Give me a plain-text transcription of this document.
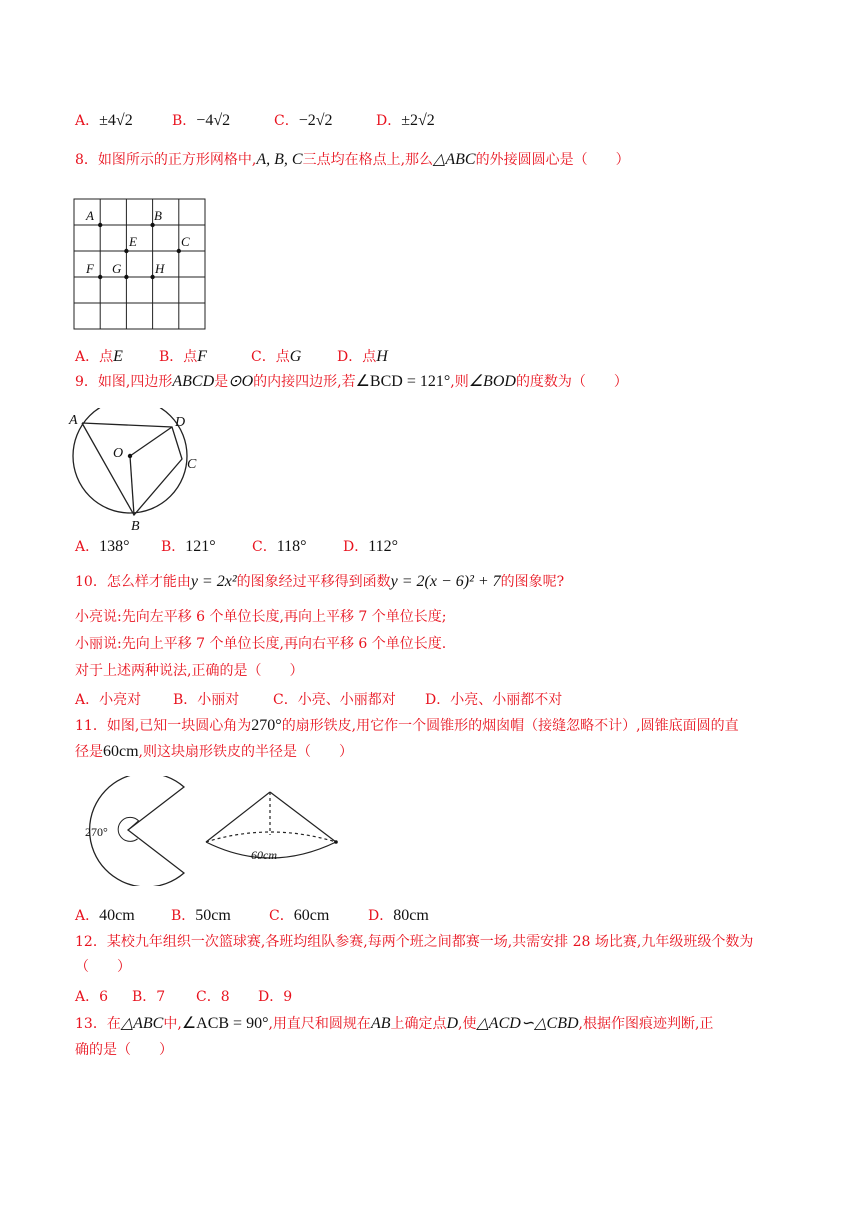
A．±4√2	B．−4√2	C．−2√2	D．±2√2
8．如图所示的正方形网格中,A, B, C三点均在格点上,那么△ABC的外接圆圆心是（　　）
A	B
E	C
F G	H
A．点E	B．点F	C．点G	D．点H
9．如图,四边形ABCD是⊙O的内接四边形,若∠BCD = 121°,则∠BOD的度数为（　　）
A	D
O
C
B
A．138° B．121°	C．118°	D．112°
10．怎么样才能由y = 2x²的图象经过平移得到函数y = 2(x − 6)² + 7的图象呢?
小亮说:先向左平移 6 个单位长度,再向上平移 7 个单位长度;
小丽说:先向上平移 7 个单位长度,再向右平移 6 个单位长度.
对于上述两种说法,正确的是（　　）
A．小亮对 B．小丽对 C．小亮、小丽都对 D．小亮、小丽都不对
11．如图,已知一块圆心角为270°的扇形铁皮,用它作一个圆锥形的烟囱帽（接缝忽略不计）,圆锥底面圆的直
径是60cm,则这块扇形铁皮的半径是（　　）
270°
60cm
A．40cm	B．50cm	C．60cm	D．80cm
12．某校九年组织一次篮球赛,各班均组队参赛,每两个班之间都赛一场,共需安排 28 场比赛,九年级班级个数为
（　　）
A．6 B．7 C．8 D．9
13．在△ABC中,∠ACB = 90°,用直尺和圆规在AB上确定点D,使△ACD∽△CBD,根据作图痕迹判断,正
确的是（　　）
